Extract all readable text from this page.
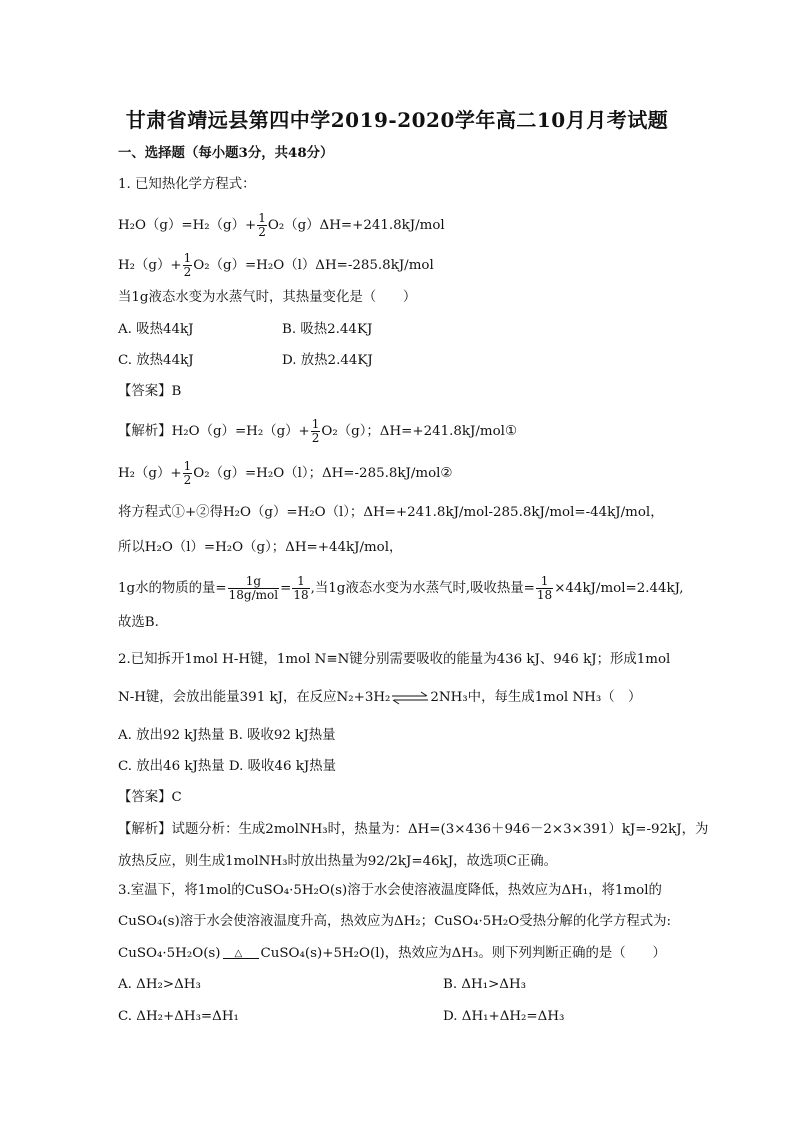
甘肃省靖远县第四中学2019-2020学年高二10月月考试题
一、选择题（每小题3分，共48分）
1. 已知热化学方程式：
$H_2O(g)=H_2(g)+ \frac{1}{2} O_2(g)\Delta H=+241.8kJ/mol$
$H_2(g)+ \frac{1}{2} O_2(g)=H_2O(l)\Delta H=-285.8kJ/mol$
当1g液态水变为水蒸气时，其热量变化是（　　）
A. 吸热44kJ	B. 吸热2.44KJ
C. 放热44kJ	D. 放热2.44KJ
【答案】B
【解析】$H_2O(g)=H_2(g)+ \frac{1}{2} O_2(g)$；ΔH=+241.8kJ/mol①
$H_2(g)+ \frac{1}{2} O_2(g)=H_2O(l)$；ΔH=-285.8kJ/mol②
将方程式①+②得H₂O（g）=H₂O（l）；ΔH=+241.8kJ/mol-285.8kJ/mol=-44kJ/mol，
所以H₂O（l）=H₂O（g）；ΔH=+44kJ/mol，
1g水的物质的量= $\frac{1g}{\text{18g/mol}} = \frac{1}{18}$ ,当1g液态水变为水蒸气时,吸收热量= $\frac{1}{18} \times 44kJ/mol=2.44kJ$,
故选B.
2.已知拆开1mol H-H键，1mol N≡N键分别需要吸收的能量为436 kJ、946 kJ；形成1mol
N-H键，会放出能量391 kJ，在反应N₂+3H₂⇌2NH₃中，每生成1mol NH₃（　）
A. 放出92 kJ热量 B. 吸收92 kJ热量
C. 放出46 kJ热量 D. 吸收46 kJ热量
【答案】C
【解析】试题分析：生成2molNH₃时，热量为：ΔH=(3×436＋946－2×3×391）kJ=-92kJ，为
放热反应，则生成1molNH₃时放出热量为92/2kJ=46kJ，故选项C正确。
3.室温下，将1mol的CuSO₄·5H₂O(s)溶于水会使溶液温度降低，热效应为ΔH₁，将1mol的
CuSO₄(s)溶于水会使溶液温度升高，热效应为ΔH₂；CuSO₄·5H₂O受热分解的化学方程式为:
CuSO₄·5H₂O(s) △ CuSO₄(s)+5H₂O(l)，热效应为ΔH₃。则下列判断正确的是（　　）
A. ΔH₂>ΔH₃	B. ΔH₁>ΔH₃
C. ΔH₂+ΔH₃=ΔH₁	D. ΔH₁+ΔH₂=ΔH₃
